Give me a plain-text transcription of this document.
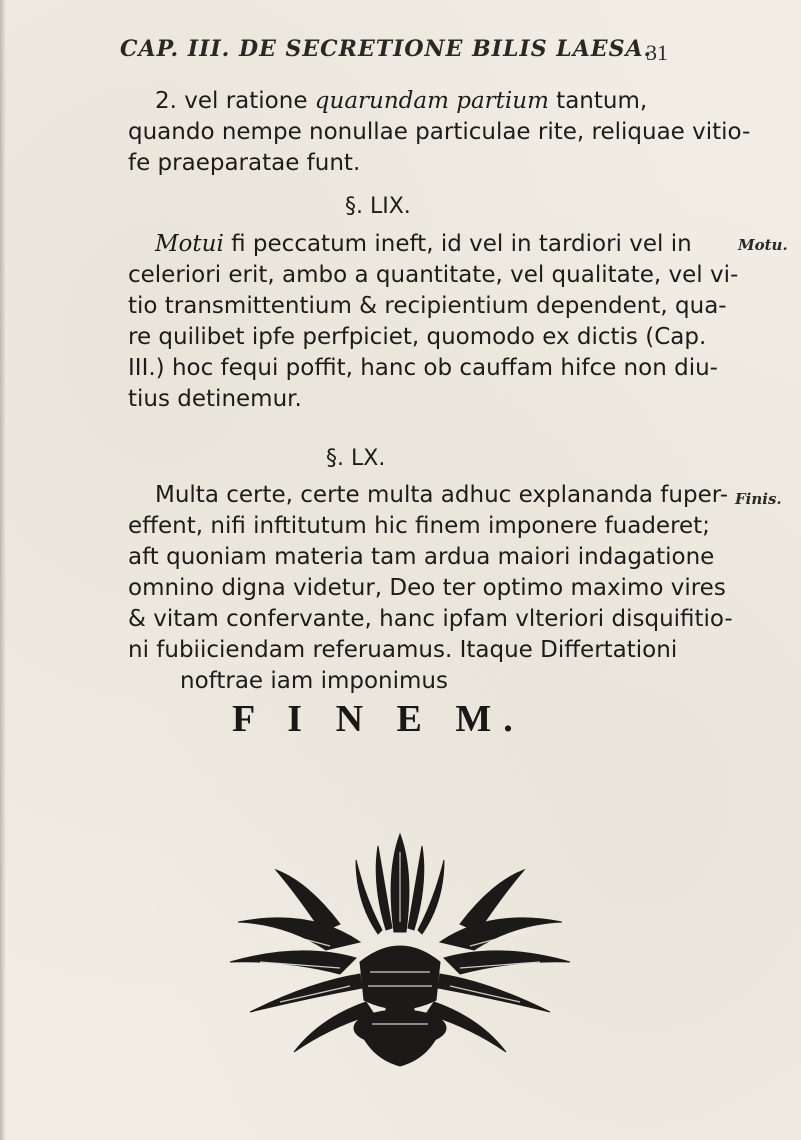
CAP. III. DE SECRETIONE BILIS LAESA.
31
2. vel ratione quarundam partium tantum,
quando nempe nonullae particulae rite, reliquae vitio-
fe praeparatae funt.
§. LIX.
Motui fi peccatum ineft, id vel in tardiori vel in	Motu.
celeriori erit, ambo a quantitate, vel qualitate, vel vi-
tio transmittentium & recipientium dependent, qua-
re quilibet ipfe perfpiciet, quomodo ex dictis (Cap.
III.) hoc fequi poffit, hanc ob cauffam hifce non diu-
tius detinemur.
§. LX.
Multa certe, certe multa adhuc explananda fuper- Finis.
effent, nifi inftitutum hic finem imponere fuaderet;
aft quoniam materia tam ardua maiori indagatione
omnino digna videtur, Deo ter optimo maximo vires
& vitam confervante, hanc ipfam vlteriori disquifitio-
ni fubiiciendam referuamus. Itaque Differtationi
noftrae iam imponimus
F I N E M.
